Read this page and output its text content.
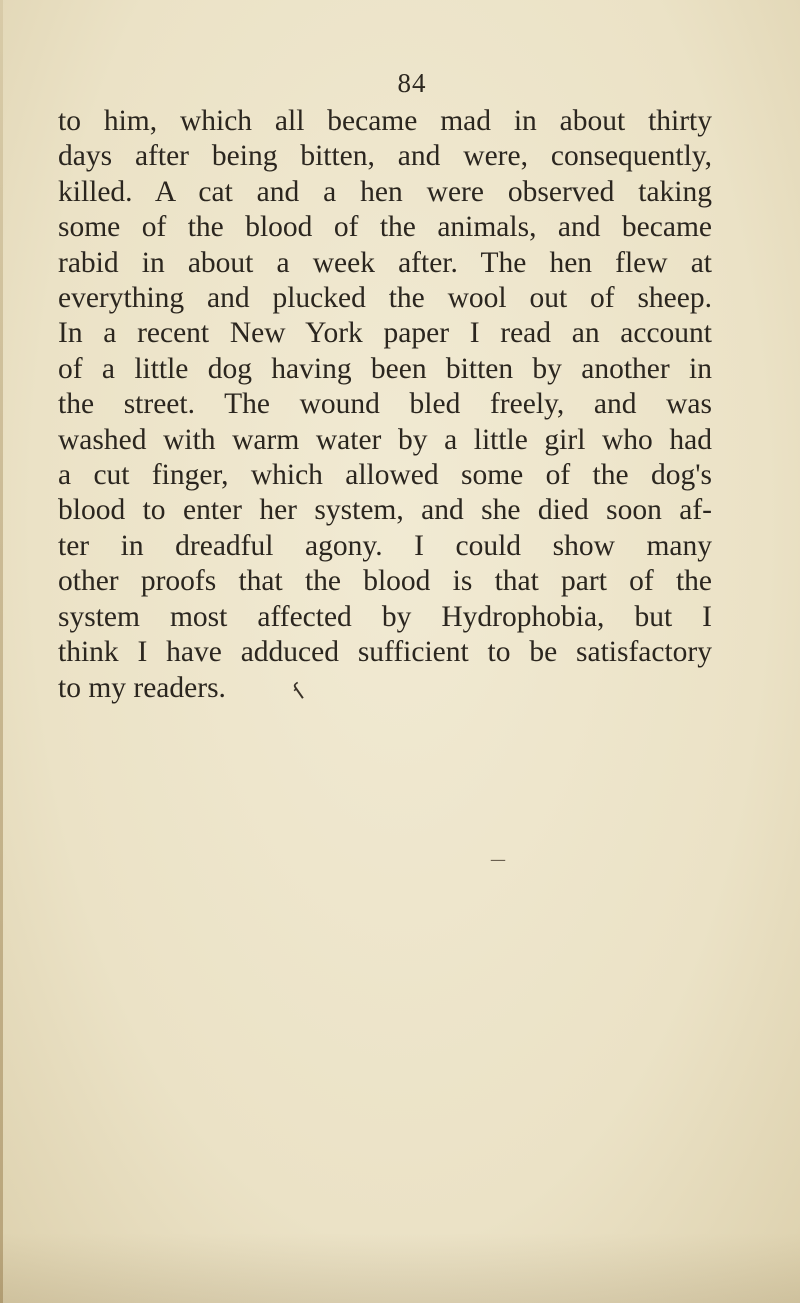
84
to him, which all became mad in about thirty
days after being bitten, and were, consequently,
killed. A cat and a hen were observed taking
some of the blood of the animals, and became
rabid in about a week after. The hen flew at
everything and plucked the wool out of sheep.
In a recent New York paper I read an account
of a little dog having been bitten by another in
the street. The wound bled freely, and was
washed with warm water by a little girl who had
a cut finger, which allowed some of the dog's
blood to enter her system, and she died soon af-
ter in dreadful agony. I could show many
other proofs that the blood is that part of the
system most affected by Hydrophobia, but I
think I have adduced sufficient to be satisfactory
to my readers.	ſ
—
